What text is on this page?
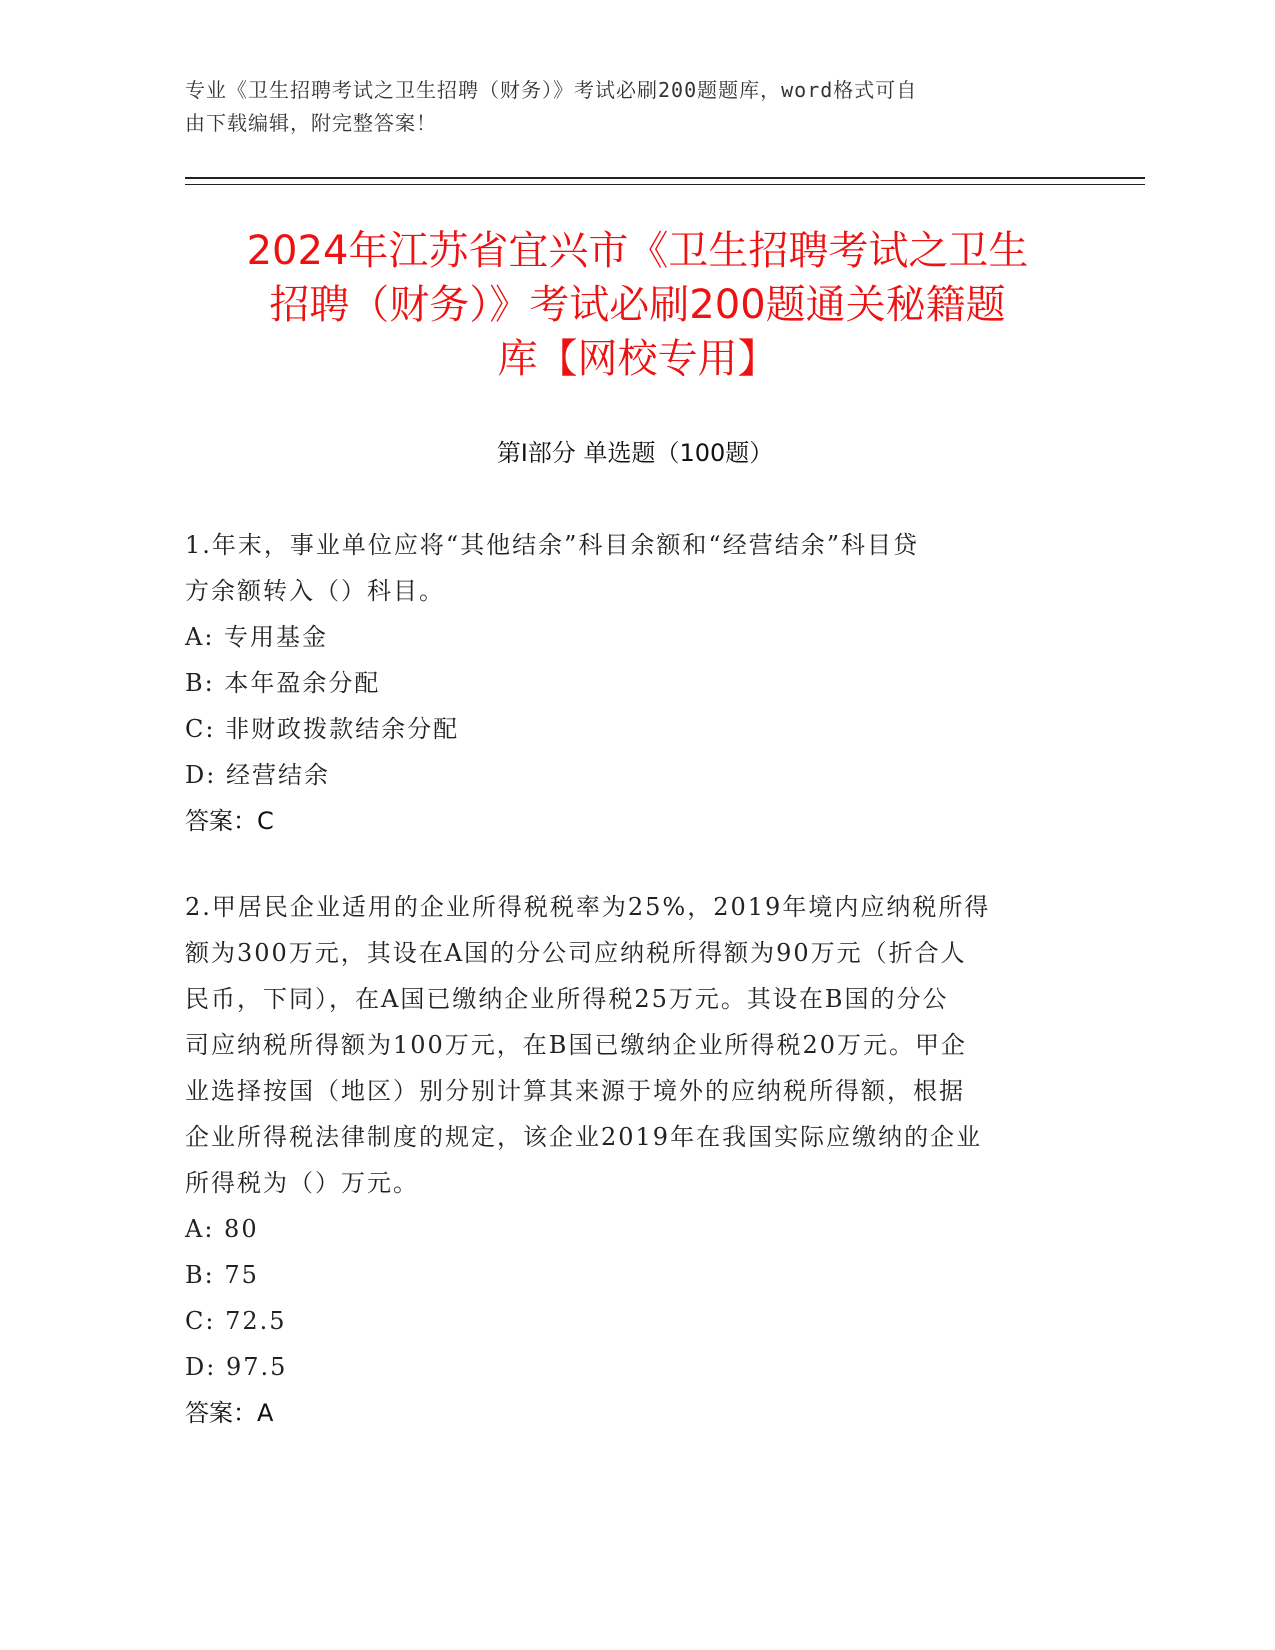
专业《卫生招聘考试之卫生招聘（财务）》考试必刷200题题库，word格式可自
由下载编辑，附完整答案！
2024年江苏省宜兴市《卫生招聘考试之卫生
招聘（财务）》考试必刷200题通关秘籍题
库【网校专用】
第I部分 单选题（100题）

1.年末，事业单位应将“其他结余”科目余额和“经营结余”科目贷

方余额转入（）科目。

A: 专用基金

B: 本年盈余分配

C: 非财政拨款结余分配

D: 经营结余

答案：C

2.甲居民企业适用的企业所得税税率为25%，2019年境内应纳税所得

额为300万元，其设在A国的分公司应纳税所得额为90万元（折合人

民币，下同），在A国已缴纳企业所得税25万元。其设在B国的分公

司应纳税所得额为100万元，在B国已缴纳企业所得税20万元。甲企

业选择按国（地区）别分别计算其来源于境外的应纳税所得额，根据

企业所得税法律制度的规定，该企业2019年在我国实际应缴纳的企业

所得税为（）万元。

A: 80

B: 75

C: 72.5

D: 97.5

答案：A
